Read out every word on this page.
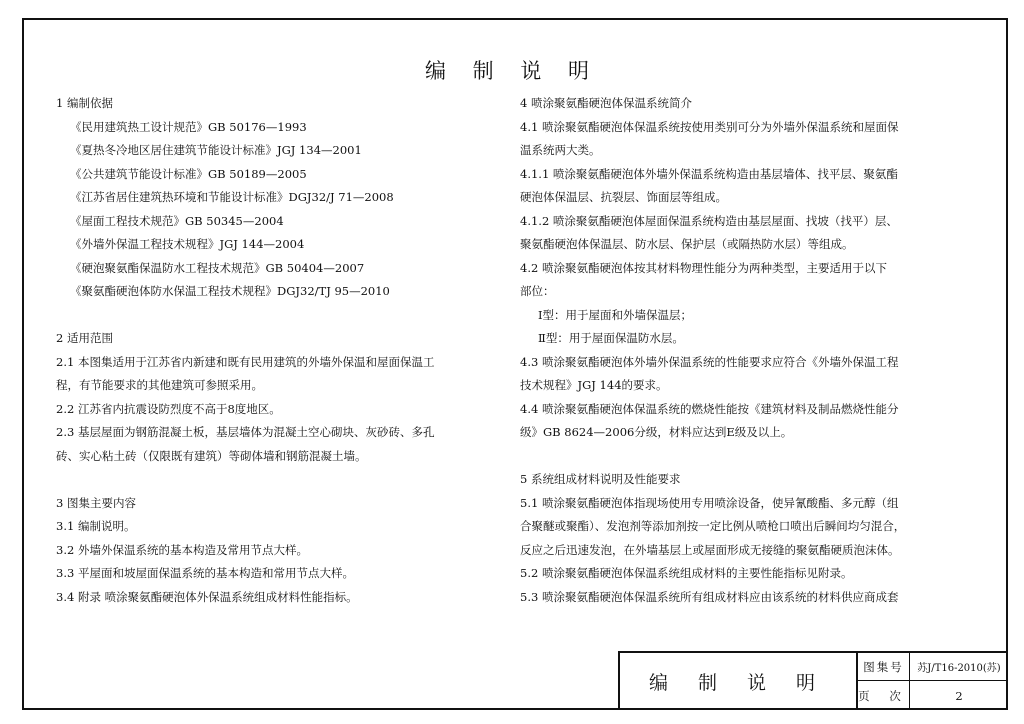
编 制 说 明
1 编制依据
《民用建筑热工设计规范》GB 50176—1993
《夏热冬冷地区居住建筑节能设计标准》JGJ 134—2001
《公共建筑节能设计标准》GB 50189—2005
《江苏省居住建筑热环境和节能设计标准》DGJ32/J 71—2008
《屋面工程技术规范》GB 50345—2004
《外墙外保温工程技术规程》JGJ 144—2004
《硬泡聚氨酯保温防水工程技术规范》GB 50404—2007
《聚氨酯硬泡体防水保温工程技术规程》DGJ32/TJ 95—2010
2 适用范围
2.1 本图集适用于江苏省内新建和既有民用建筑的外墙外保温和屋面保温工
程，有节能要求的其他建筑可参照采用。
2.2 江苏省内抗震设防烈度不高于8度地区。
2.3 基层屋面为钢筋混凝土板，基层墙体为混凝土空心砌块、灰砂砖、多孔
砖、实心粘土砖（仅限既有建筑）等砌体墙和钢筋混凝土墙。
3 图集主要内容
3.1 编制说明。
3.2 外墙外保温系统的基本构造及常用节点大样。
3.3 平屋面和坡屋面保温系统的基本构造和常用节点大样。
3.4 附录 喷涂聚氨酯硬泡体外保温系统组成材料性能指标。
4 喷涂聚氨酯硬泡体保温系统简介
4.1 喷涂聚氨酯硬泡体保温系统按使用类别可分为外墙外保温系统和屋面保
温系统两大类。
4.1.1 喷涂聚氨酯硬泡体外墙外保温系统构造由基层墙体、找平层、聚氨酯
硬泡体保温层、抗裂层、饰面层等组成。
4.1.2 喷涂聚氨酯硬泡体屋面保温系统构造由基层屋面、找坡（找平）层、
聚氨酯硬泡体保温层、防水层、保护层（或隔热防水层）等组成。
4.2 喷涂聚氨酯硬泡体按其材料物理性能分为两种类型，主要适用于以下
部位：
Ⅰ型：用于屋面和外墙保温层；
Ⅱ型：用于屋面保温防水层。
4.3 喷涂聚氨酯硬泡体外墙外保温系统的性能要求应符合《外墙外保温工程
技术规程》JGJ 144的要求。
4.4 喷涂聚氨酯硬泡体保温系统的燃烧性能按《建筑材料及制品燃烧性能分
级》GB 8624—2006分级，材料应达到E级及以上。
5 系统组成材料说明及性能要求
5.1 喷涂聚氨酯硬泡体指现场使用专用喷涂设备，使异氰酸酯、多元醇（组
合聚醚或聚酯）、发泡剂等添加剂按一定比例从喷枪口喷出后瞬间均匀混合，
反应之后迅速发泡，在外墙基层上或屋面形成无接缝的聚氨酯硬质泡沫体。
5.2 喷涂聚氨酯硬泡体保温系统组成材料的主要性能指标见附录。
5.3 喷涂聚氨酯硬泡体保温系统所有组成材料应由该系统的材料供应商成套
编 制 说 明
图集号	苏J/T16-2010(苏)
页 次	2
